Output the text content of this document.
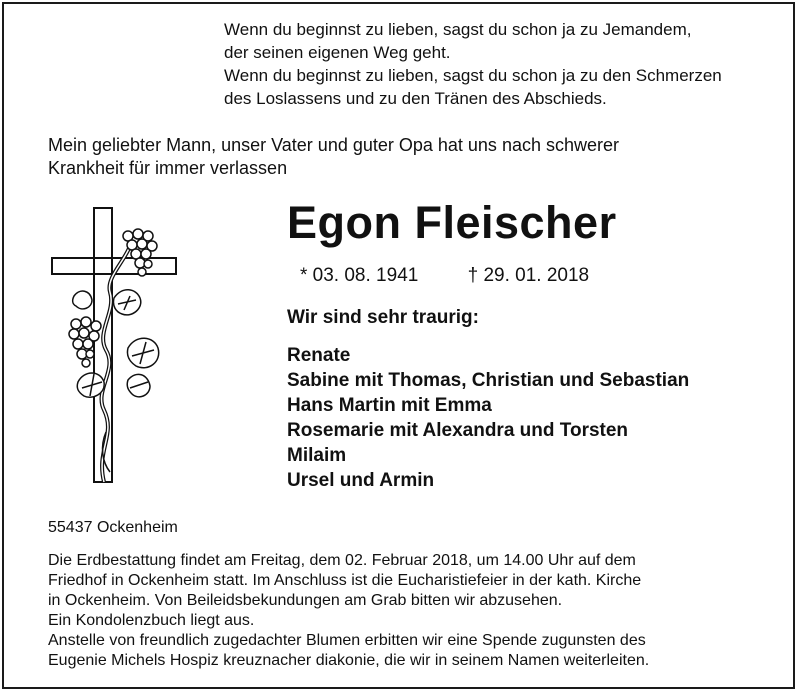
Wenn du beginnst zu lieben, sagst du schon ja zu Jemandem,
der seinen eigenen Weg geht.
Wenn du beginnst zu lieben, sagst du schon ja zu den Schmerzen
des Loslassens und zu den Tränen des Abschieds.
Mein geliebter Mann, unser Vater und guter Opa hat uns nach schwerer
Krankheit für immer verlassen
Egon Fleischer
* 03. 08. 1941	† 29. 01. 2018
Wir sind sehr traurig:
Renate
Sabine mit Thomas, Christian und Sebastian
Hans Martin mit Emma
Rosemarie mit Alexandra und Torsten
Milaim
Ursel und Armin
55437 Ockenheim
Die Erdbestattung findet am Freitag, dem 02. Februar 2018, um 14.00 Uhr auf dem
Friedhof in Ockenheim statt. Im Anschluss ist die Eucharistiefeier in der kath. Kirche
in Ockenheim. Von Beileidsbekundungen am Grab bitten wir abzusehen.
Ein Kondolenzbuch liegt aus.
Anstelle von freundlich zugedachter Blumen erbitten wir eine Spende zugunsten des
Eugenie Michels Hospiz kreuznacher diakonie, die wir in seinem Namen weiterleiten.
